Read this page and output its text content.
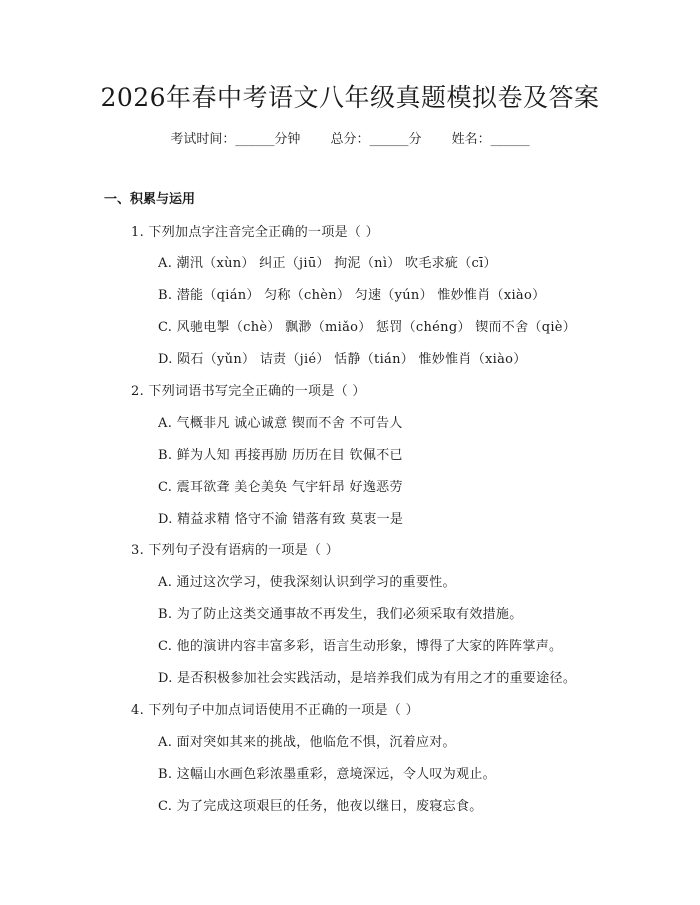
2026年春中考语文八年级真题模拟卷及答案
考试时间：______分钟 总分：______分 姓名：______
一、积累与运用
1. 下列加点字注音完全正确的一项是（ ）
A. 潮汛（xùn） 纠正（jiū） 拘泥（nì） 吹毛求疵（cī）
B. 潜能（qián） 匀称（chèn） 匀速（yún） 惟妙惟肖（xiào）
C. 风驰电掣（chè） 飘渺（miǎo） 惩罚（chéng） 锲而不舍（qiè）
D. 陨石（yǔn） 诘责（jié） 恬静（tián） 惟妙惟肖（xiào）
2. 下列词语书写完全正确的一项是（ ）
A. 气概非凡 诚心诚意 锲而不舍 不可告人
B. 鲜为人知 再接再励 历历在目 钦佩不已
C. 震耳欲聋 美仑美奂 气宇轩昂 好逸恶劳
D. 精益求精 恪守不渝 错落有致 莫衷一是
3. 下列句子没有语病的一项是（ ）
A. 通过这次学习，使我深刻认识到学习的重要性。
B. 为了防止这类交通事故不再发生，我们必须采取有效措施。
C. 他的演讲内容丰富多彩，语言生动形象，博得了大家的阵阵掌声。
D. 是否积极参加社会实践活动，是培养我们成为有用之才的重要途径。
4. 下列句子中加点词语使用不正确的一项是（ ）
A. 面对突如其来的挑战，他临危不惧，沉着应对。
B. 这幅山水画色彩浓墨重彩，意境深远，令人叹为观止。
C. 为了完成这项艰巨的任务，他夜以继日，废寝忘食。
